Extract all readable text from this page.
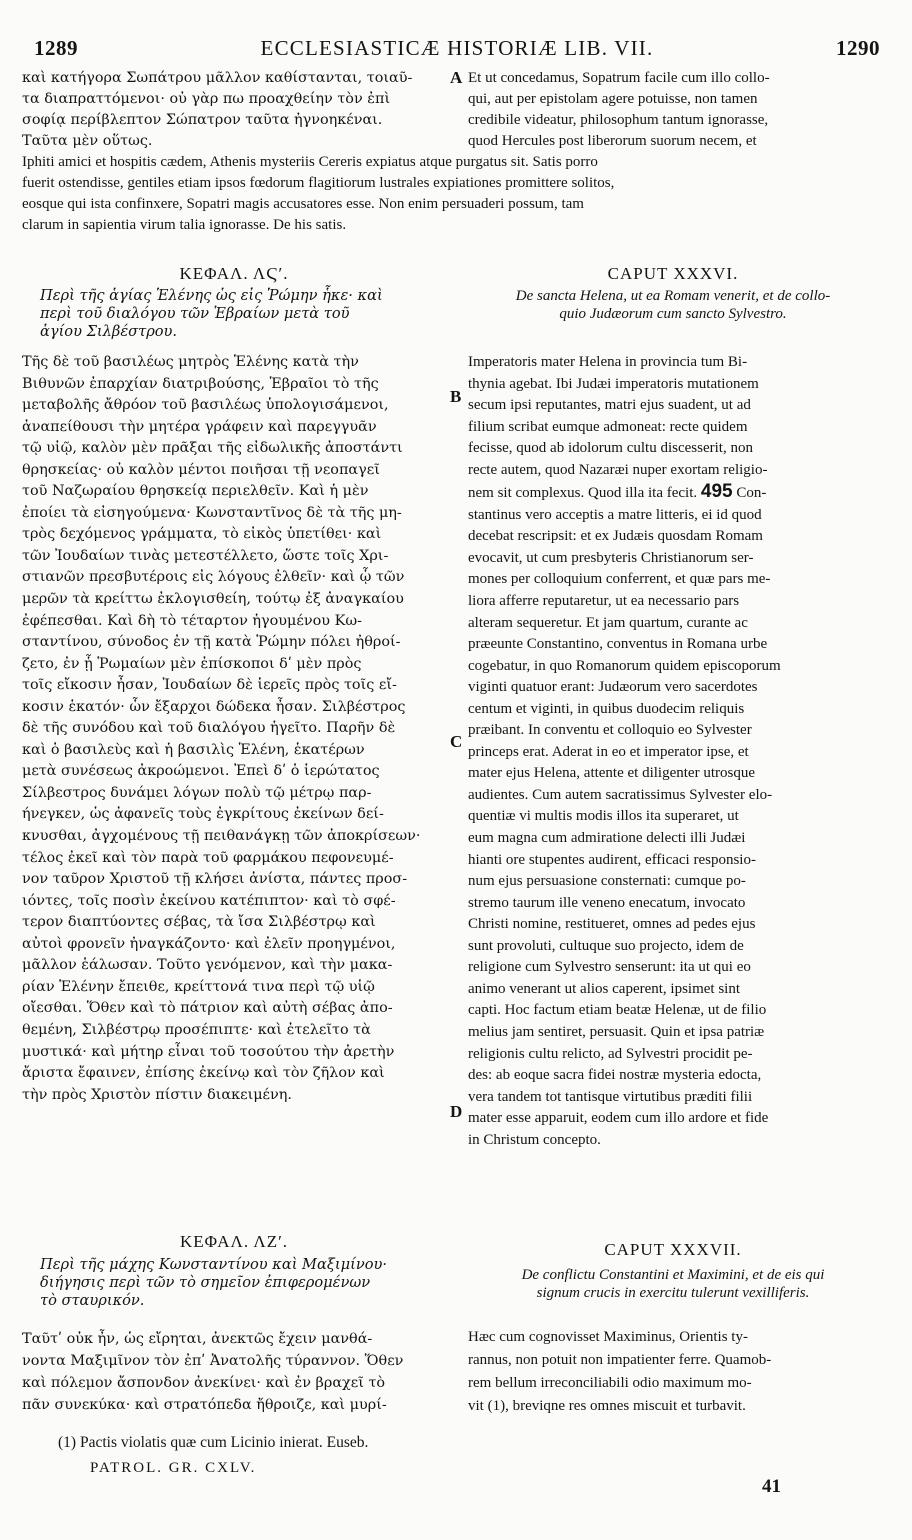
1289	ECCLESIASTICÆ HISTORIÆ LIB. VII.	1290

καὶ κατήγορα Σωπάτρου μᾶλλον καθίστανται, τοιαῦ-

τα διαπραττόμενοι· οὐ γὰρ πω προαχθείην τὸν ἐπὶ

σοφίᾳ περίβλεπτον Σώπατρον ταῦτα ἠγνοηκέναι.

Ταῦτα μὲν οὕτως.

A Et ut concedamus, Sopatrum facile cum illo collo-

qui, aut per epistolam agere potuisse, non tamen

credibile videatur, philosophum tantum ignorasse,

quod Hercules post liberorum suorum necem, et

Iphiti amici et hospitis cædem, Athenis mysteriis Cereris expiatus atque purgatus sit. Satis porro

fuerit ostendisse, gentiles etiam ipsos fœdorum flagitiorum lustrales expiationes promittere solitos,

eosque qui ista confinxere, Sopatri magis accusatores esse. Non enim persuaderi possum, tam

clarum in sapientia virum talia ignorasse. De his satis.

ΚΕΦΑΛ. ΛϚʹ.
Περὶ τῆς ἁγίας Ἑλένης ὡς εἰς Ῥώμην ἧκε· καὶ
περὶ τοῦ διαλόγου τῶν Ἑβραίων μετὰ τοῦ
ἁγίου Σιλβέστρου.
CAPUT XXXVI.
De sancta Helena, ut ea Romam venerit, et de collo-
quio Judæorum cum sancto Sylvestro.

Τῆς δὲ τοῦ βασιλέως μητρὸς Ἑλένης κατὰ τὴν

Βιθυνῶν ἐπαρχίαν διατριβούσης, Ἑβραῖοι τὸ τῆς

μεταβολῆς ἄθρόον τοῦ βασιλέως ὑπολογισάμενοι,

ἀναπείθουσι τὴν μητέρα γράφειν καὶ παρεγγυᾶν

τῷ υἱῷ, καλὸν μὲν πρᾶξαι τῆς εἰδωλικῆς ἀποστάντι

θρησκείας· οὐ καλὸν μέντοι ποιῆσαι τῇ νεοπαγεῖ

τοῦ Ναζωραίου θρησκείᾳ περιελθεῖν. Καὶ ἡ μὲν

ἐποίει τὰ εἰσηγούμενα· Κωνσταντῖνος δὲ τὰ τῆς μη-

τρὸς δεχόμενος γράμματα, τὸ εἰκὸς ὑπετίθει· καὶ

τῶν Ἰουδαίων τινὰς μετεστέλλετο, ὥστε τοῖς Χρι-

στιανῶν πρεσβυτέροις εἰς λόγους ἐλθεῖν· καὶ ᾧ τῶν

μερῶν τὰ κρείττω ἐκλογισθείη, τούτῳ ἐξ ἀναγκαίου

ἐφέπεσθαι. Καὶ δὴ τὸ τέταρτον ἡγουμένου Κω-

σταντίνου, σύνοδος ἐν τῇ κατὰ Ῥώμην πόλει ἠθροί-

ζετο, ἐν ᾗ Ῥωμαίων μὲν ἐπίσκοποι δʹ μὲν πρὸς

τοῖς εἴκοσιν ἦσαν, Ἰουδαίων δὲ ἱερεῖς πρὸς τοῖς εἴ-

κοσιν ἑκατόν· ὧν ἔξαρχοι δώδεκα ἦσαν. Σιλβέστρος

δὲ τῆς συνόδου καὶ τοῦ διαλόγου ἡγεῖτο. Παρῆν δὲ

καὶ ὁ βασιλεὺς καὶ ἡ βασιλὶς Ἑλένη, ἑκατέρων

μετὰ συνέσεως ἀκροώμενοι. Ἐπεὶ δʹ ὁ ἱερώτατος

Σίλβεστρος δυνάμει λόγων πολὺ τῷ μέτρῳ παρ-

ήνεγκεν, ὡς ἀφανεῖς τοὺς ἐγκρίτους ἐκείνων δεί-

κνυσθαι, ἀγχομένους τῇ πειθανάγκῃ τῶν ἀποκρίσεων·

τέλος ἐκεῖ καὶ τὸν παρὰ τοῦ φαρμάκου πεφονευμέ-

νον ταῦρον Χριστοῦ τῇ κλήσει ἀνίστα, πάντες προσ-

ιόντες, τοῖς ποσὶν ἐκείνου κατέπιπτον· καὶ τὸ σφέ-

τερον διαπτύοντες σέβας, τὰ ἴσα Σιλβέστρῳ καὶ

αὐτοὶ φρονεῖν ἠναγκάζοντο· καὶ ἐλεῖν προηγμένοι,

μᾶλλον ἑάλωσαν. Τοῦτο γενόμενον, καὶ τὴν μακα-

ρίαν Ἑλένην ἔπειθε, κρείττονά τινα περὶ τῷ υἱῷ

οἴεσθαι. Ὅθεν καὶ τὸ πάτριον καὶ αὐτὴ σέβας ἀπο-

θεμένη, Σιλβέστρῳ προσέπιπτε· καὶ ἐτελεῖτο τὰ

μυστικά· καὶ μήτηρ εἶναι τοῦ τοσούτου τὴν ἀρετὴν

ἄριστα ἔφαινεν, ἐπίσης ἐκείνῳ καὶ τὸν ζῆλον καὶ

τὴν πρὸς Χριστὸν πίστιν διακειμένη.

B
C
D

Imperatoris mater Helena in provincia tum Bi-

thynia agebat. Ibi Judæi imperatoris mutationem

secum ipsi reputantes, matri ejus suadent, ut ad

filium scribat eumque admoneat: recte quidem

fecisse, quod ab idolorum cultu discesserit, non

recte autem, quod Nazaræi nuper exortam religio-

nem sit complexus. Quod illa ita fecit. 495 Con-

stantinus vero acceptis a matre litteris, ei id quod

decebat rescripsit: et ex Judæis quosdam Romam

evocavit, ut cum presbyteris Christianorum ser-

mones per colloquium conferrent, et quæ pars me-

liora afferre reputaretur, ut ea necessario pars

alteram sequeretur. Et jam quartum, curante ac

præeunte Constantino, conventus in Romana urbe

cogebatur, in quo Romanorum quidem episcoporum

viginti quatuor erant: Judæorum vero sacerdotes

centum et viginti, in quibus duodecim reliquis

præibant. In conventu et colloquio eo Sylvester

princeps erat. Aderat in eo et imperator ipse, et

mater ejus Helena, attente et diligenter utrosque

audientes. Cum autem sacratissimus Sylvester elo-

quentiæ vi multis modis illos ita superaret, ut

eum magna cum admiratione delecti illi Judæi

hianti ore stupentes audirent, efficaci responsio-

num ejus persuasione consternati: cumque po-

stremo taurum ille veneno enecatum, invocato

Christi nomine, restitueret, omnes ad pedes ejus

sunt provoluti, cultuque suo projecto, idem de

religione cum Sylvestro senserunt: ita ut qui eo

animo venerant ut alios caperent, ipsimet sint

capti. Hoc factum etiam beatæ Helenæ, ut de filio

melius jam sentiret, persuasit. Quin et ipsa patriæ

religionis cultu relicto, ad Sylvestri procidit pe-

des: ab eoque sacra fidei nostræ mysteria edocta,

vera tandem tot tantisque virtutibus præditi filii

mater esse apparuit, eodem cum illo ardore et fide

in Christum concepto.

ΚΕΦΑΛ. ΛΖʹ.
Περὶ τῆς μάχης Κωνσταντίνου καὶ Μαξιμίνου·
διήγησις περὶ τῶν τὸ σημεῖον ἐπιφερομένων
τὸ σταυρικόν.
CAPUT XXXVII.
De conflictu Constantini et Maximini, et de eis qui
signum crucis in exercitu tulerunt vexilliferis.

Ταῦτʹ οὐκ ἦν, ὡς εἴρηται, ἀνεκτῶς ἔχειν μανθά-

νοντα Μαξιμῖνον τὸν ἐπʹ Ἀνατολῆς τύραννον. Ὅθεν

καὶ πόλεμον ἄσπονδον ἀνεκίνει· καὶ ἐν βραχεῖ τὸ

πᾶν συνεκύκα· καὶ στρατόπεδα ἤθροιζε, καὶ μυρί-

Hæc cum cognovisset Maximinus, Orientis ty-

rannus, non potuit non impatienter ferre. Quamob-

rem bellum irreconciliabili odio maximum mo-

vit (1), breviqne res omnes miscuit et turbavit.

(1) Pactis violatis quæ cum Licinio inierat. Euseb.
PATROL. GR. CXLV.
41
